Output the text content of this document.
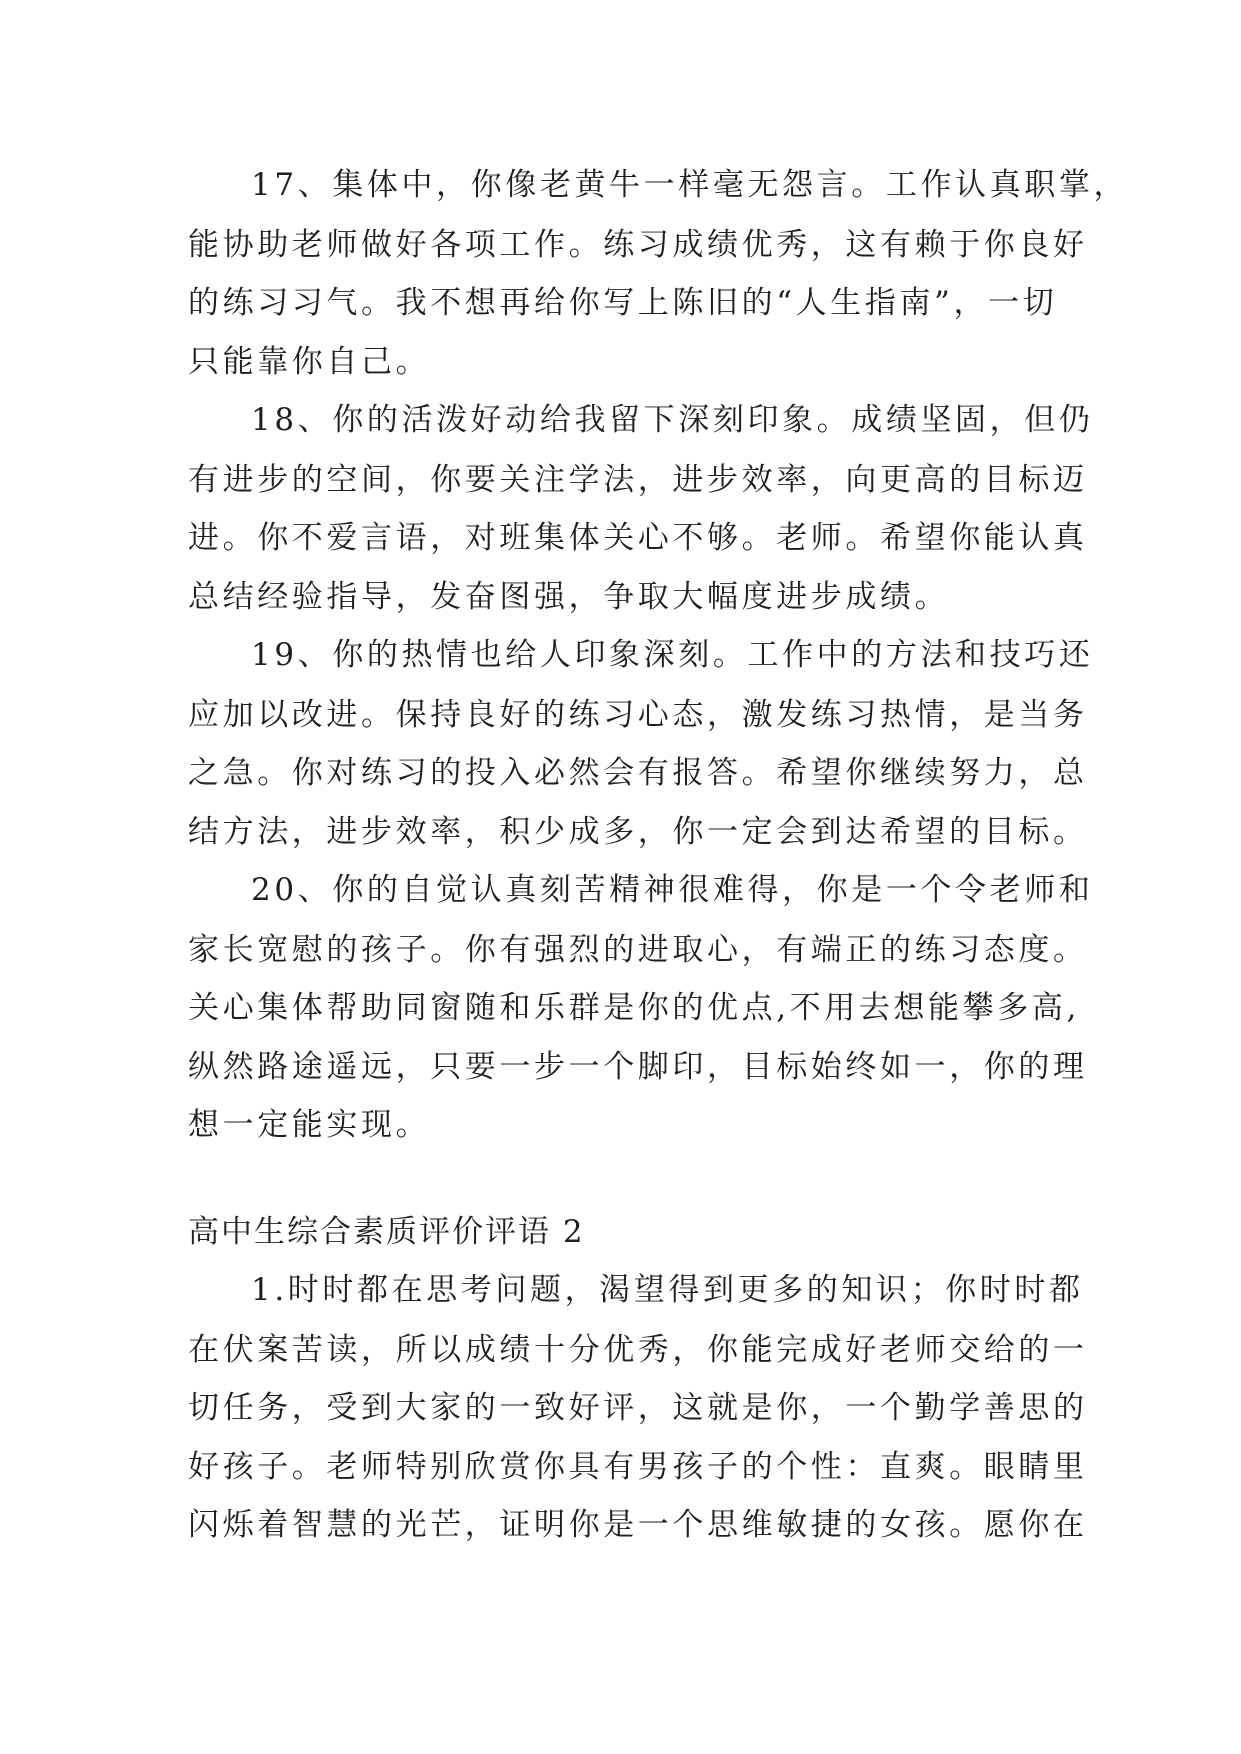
17、集体中，你像老黄牛一样毫无怨言。工作认真职掌，
能协助老师做好各项工作。练习成绩优秀，这有赖于你良好
的练习习气。我不想再给你写上陈旧的“人生指南”，一切
只能靠你自己。
18、你的活泼好动给我留下深刻印象。成绩坚固，但仍
有进步的空间，你要关注学法，进步效率，向更高的目标迈
进。你不爱言语，对班集体关心不够。老师。希望你能认真
总结经验指导，发奋图强，争取大幅度进步成绩。
19、你的热情也给人印象深刻。工作中的方法和技巧还
应加以改进。保持良好的练习心态，激发练习热情，是当务
之急。你对练习的投入必然会有报答。希望你继续努力，总
结方法，进步效率，积少成多，你一定会到达希望的目标。
20、你的自觉认真刻苦精神很难得，你是一个令老师和
家长宽慰的孩子。你有强烈的进取心，有端正的练习态度。
关心集体帮助同窗随和乐群是你的优点,不用去想能攀多高,
纵然路途遥远，只要一步一个脚印，目标始终如一，你的理
想一定能实现。
高中生综合素质评价评语 2
1.时时都在思考问题，渴望得到更多的知识；你时时都
在伏案苦读，所以成绩十分优秀，你能完成好老师交给的一
切任务，受到大家的一致好评，这就是你，一个勤学善思的
好孩子。老师特别欣赏你具有男孩子的个性：直爽。眼睛里
闪烁着智慧的光芒，证明你是一个思维敏捷的女孩。愿你在
